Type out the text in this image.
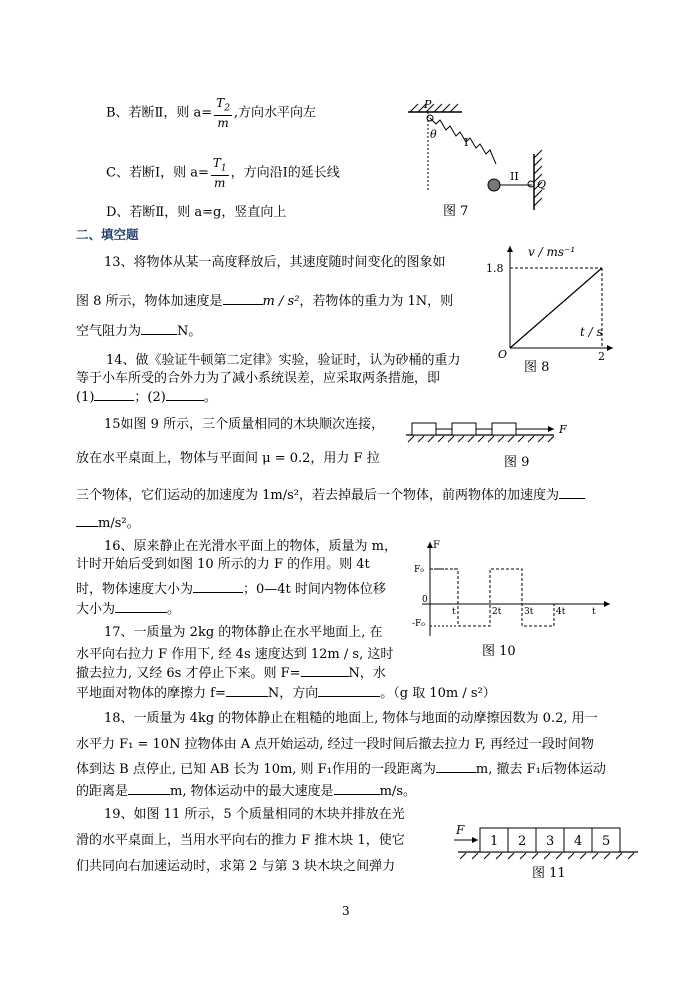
B、若断Ⅱ，则 $a= \frac{T_2}{m}$ ,方向水平向左
C、若断Ⅰ，则 $a= \frac{T_1}{m}$ ，方向沿Ⅰ的延长线
D、若断Ⅱ，则 a=g，竖直向上
P
θ
I
II
Q
图 7
二、填空题
13、将物体从某一高度释放后，其速度随时间变化的图象如
图 8 所示，物体加速度是	m / s²，若物体的重力为 1N，则
空气阻力为	N。
v / ms⁻¹
1.8
t / s
2
O
图 8
14、做《验证牛顿第二定律》实验，验证时，认为砂桶的重力
等于小车所受的合外力为了减小系统误差，应采取两条措施，即
(1)	；(2)	。
15如图 9 所示，三个质量相同的木块顺次连接，
放在水平桌面上，物体与平面间 μ = 0.2，用力 F 拉
三个物体，它们运动的加速度为 1m/s²，若去掉最后一个物体，前两物体的加速度为
m/s²。
F
图 9
16、原来静止在光滑水平面上的物体，质量为 m，
计时开始后受到如图 10 所示的力 F 的作用。则 4t
时，物体速度大小为	；0—4t 时间内物体位移
大小为	。
F
F₀
-F₀
0
t	2t	3t	4t	t
图 10
17、一质量为 2kg 的物体静止在水平地面上, 在
水平向右拉力 F 作用下, 经 4s 速度达到 12m / s, 这时
撤去拉力, 又经 6s 才停止下来。则 F=	N，水
平地面对物体的摩擦力 f=	N，方向	。（g 取 10m / s²）
18、一质量为 4kg 的物体静止在粗糙的地面上, 物体与地面的动摩擦因数为 0.2, 用一
水平力 F₁ = 10N 拉物体由 A 点开始运动, 经过一段时间后撤去拉力 F, 再经过一段时间物
体到达 B 点停止, 已知 AB 长为 10m, 则 F₁作用的一段距离为	m, 撤去 F₁后物体运动
的距离是	m, 物体运动中的最大速度是	m/s。
19、如图 11 所示，5 个质量相同的木块并排放在光
滑的水平桌面上，当用水平向右的推力 F 推木块 1，使它
们共同向右加速运动时，求第 2 与第 3 块木块之间弹力
F
1 2 3 4 5
图 11
3
